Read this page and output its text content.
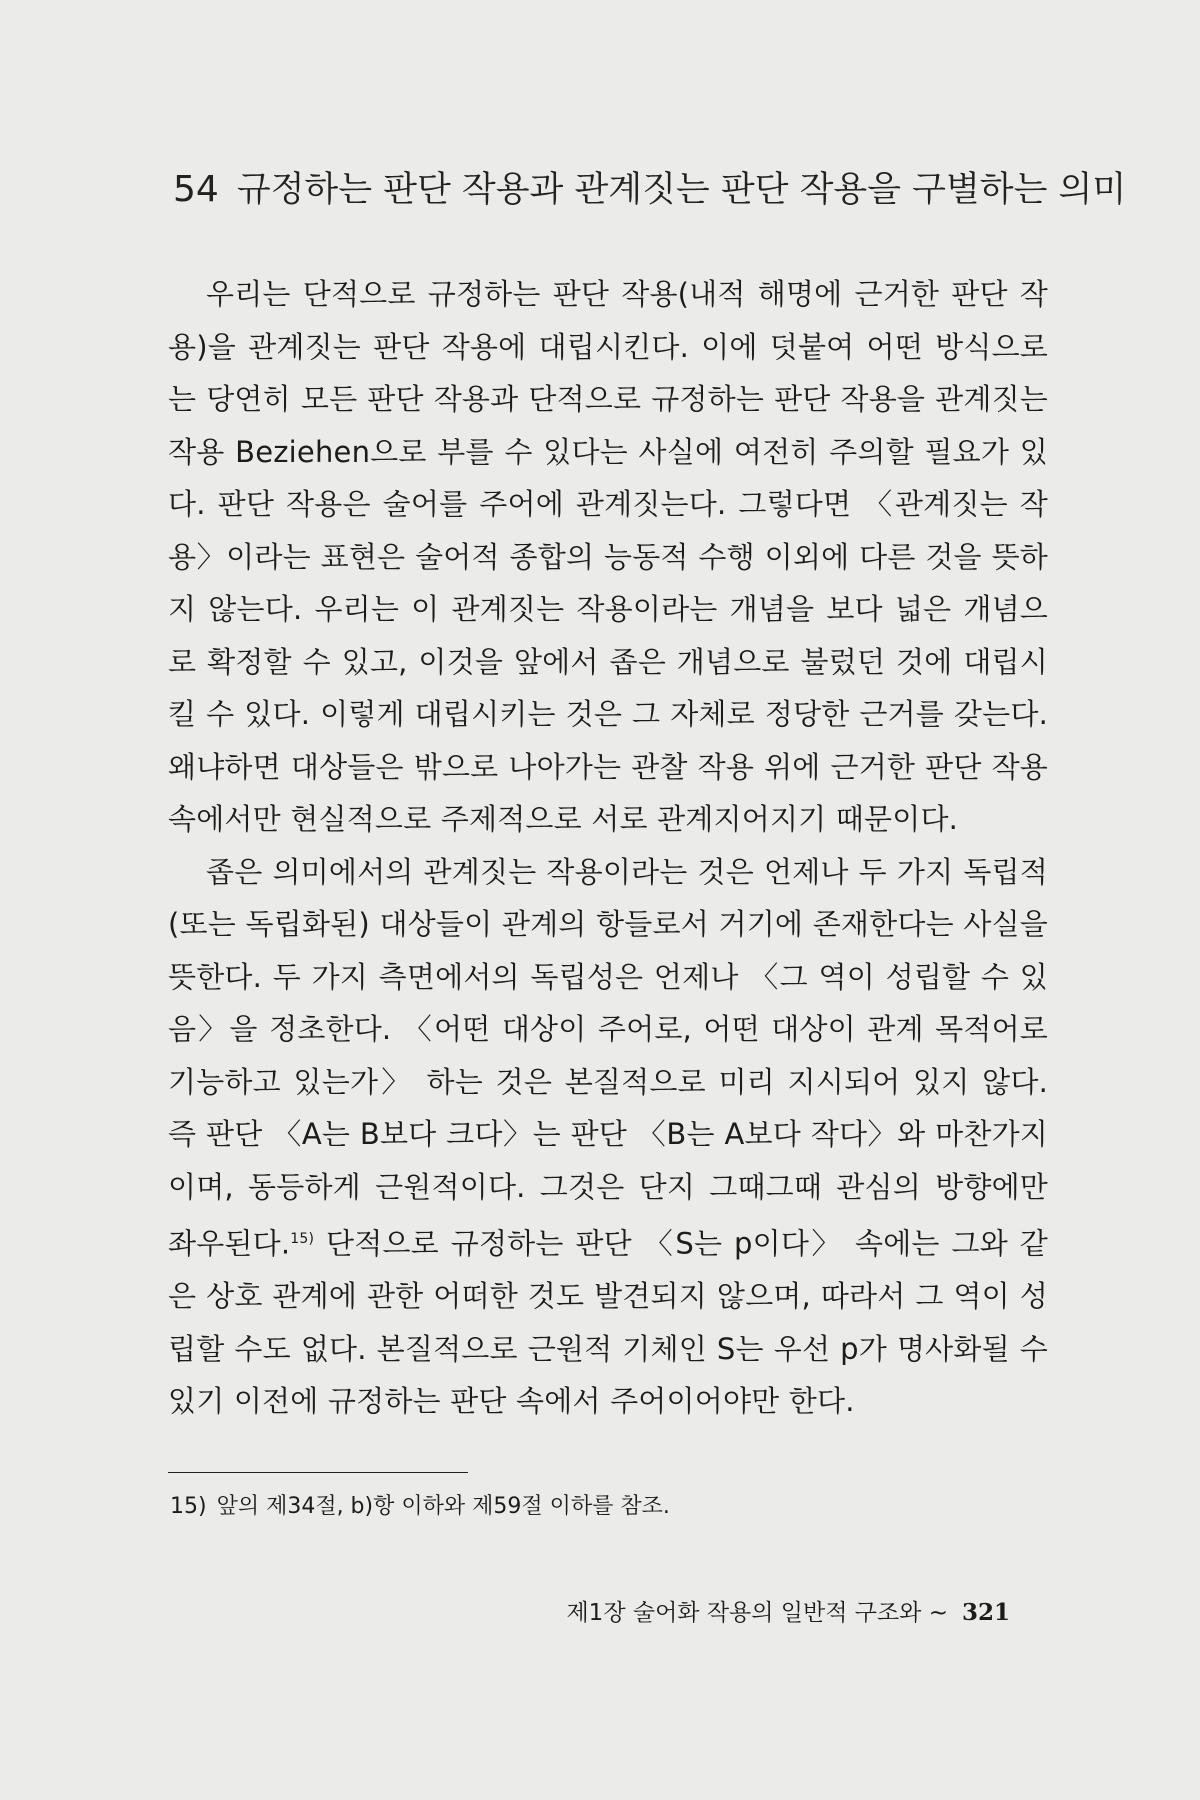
54 규정하는 판단 작용과 관계짓는 판단 작용을 구별하는 의미

우리는 단적으로 규정하는 판단 작용(내적 해명에 근거한 판단 작용)을 관계짓는 판단 작용에 대립시킨다. 이에 덧붙여 어떤 방식으로는 당연히 모든 판단 작용과 단적으로 규정하는 판단 작용을 관계짓는 작용 Beziehen으로 부를 수 있다는 사실에 여전히 주의할 필요가 있다. 판단 작용은 술어를 주어에 관계짓는다. 그렇다면 〈관계짓는 작용〉이라는 표현은 술어적 종합의 능동적 수행 이외에 다른 것을 뜻하지 않는다. 우리는 이 관계짓는 작용이라는 개념을 보다 넓은 개념으로 확정할 수 있고, 이것을 앞에서 좁은 개념으로 불렀던 것에 대립시킬 수 있다. 이렇게 대립시키는 것은 그 자체로 정당한 근거를 갖는다. 왜냐하면 대상들은 밖으로 나아가는 관찰 작용 위에 근거한 판단 작용 속에서만 현실적으로 주제적으로 서로 관계지어지기 때문이다.

좁은 의미에서의 관계짓는 작용이라는 것은 언제나 두 가지 독립적(또는 독립화된) 대상들이 관계의 항들로서 거기에 존재한다는 사실을 뜻한다. 두 가지 측면에서의 독립성은 언제나 〈그 역이 성립할 수 있음〉을 정초한다. 〈어떤 대상이 주어로, 어떤 대상이 관계 목적어로 기능하고 있는가〉 하는 것은 본질적으로 미리 지시되어 있지 않다. 즉 판단 〈A는 B보다 크다〉는 판단 〈B는 A보다 작다〉와 마찬가지이며, 동등하게 근원적이다. 그것은 단지 그때그때 관심의 방향에만 좌우된다.$^{15)}$ 단적으로 규정하는 판단 〈S는 p이다〉 속에는 그와 같은 상호 관계에 관한 어떠한 것도 발견되지 않으며, 따라서 그 역이 성립할 수도 없다. 본질적으로 근원적 기체인 S는 우선 p가 명사화될 수 있기 이전에 규정하는 판단 속에서 주어이어야만 한다.

15) 앞의 제34절, b)항 이하와 제59절 이하를 참조.
제1장 술어화 작용의 일반적 구조와 ~ 321
